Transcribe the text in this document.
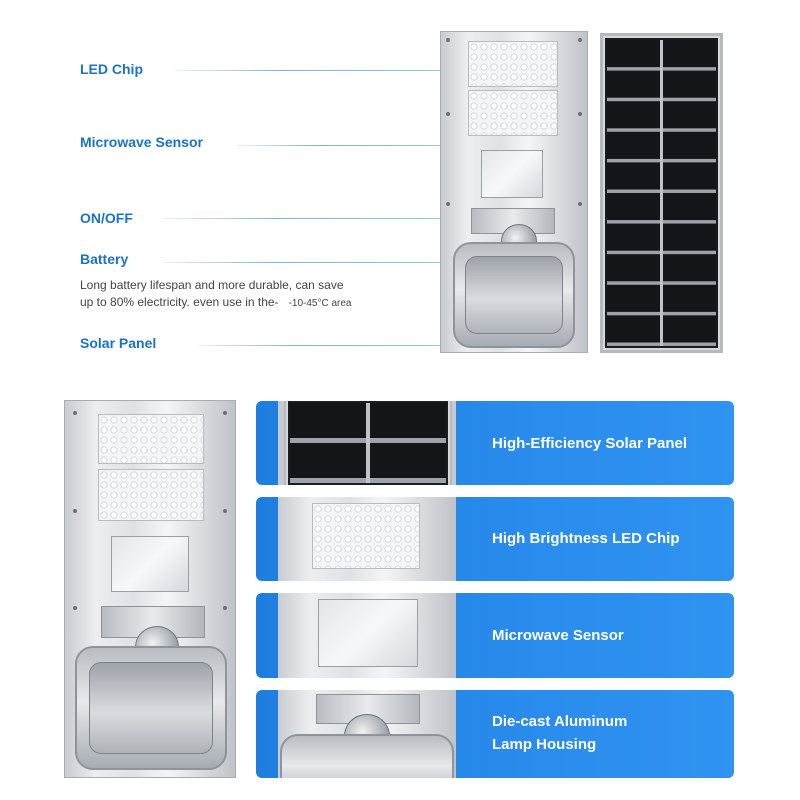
LED Chip
Microwave Sensor
ON/OFF
Battery
Long battery lifespan and more durable, can save
up to 80% electricity. even use in the- -10-45°C area
Solar Panel
High-Efficiency Solar Panel
High Brightness LED Chip
Microwave Sensor
Die-cast Aluminum
Lamp Housing
